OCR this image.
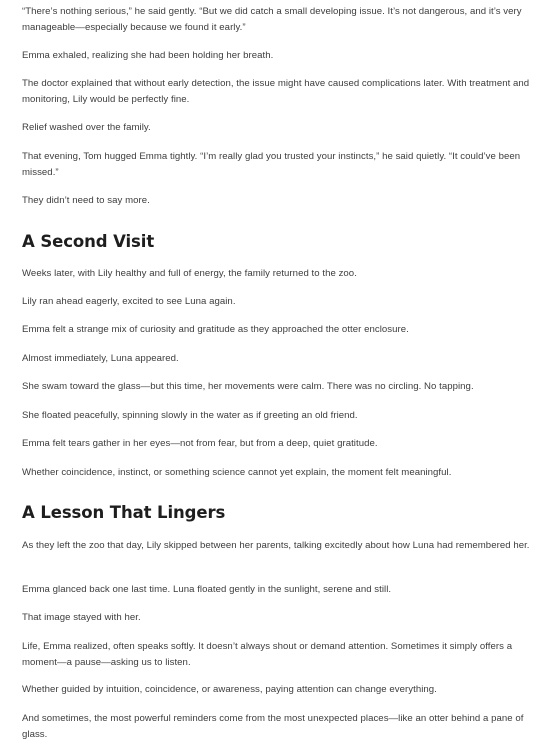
“There’s nothing serious,” he said gently. “But we did catch a small developing issue. It’s not dangerous, and it’s very manageable—especially because we found it early.”

Emma exhaled, realizing she had been holding her breath.

The doctor explained that without early detection, the issue might have caused complications later. With treatment and monitoring, Lily would be perfectly fine.

Relief washed over the family.

That evening, Tom hugged Emma tightly. “I’m really glad you trusted your instincts,” he said quietly. “It could’ve been missed.”

They didn’t need to say more.

A Second Visit

Weeks later, with Lily healthy and full of energy, the family returned to the zoo.

Lily ran ahead eagerly, excited to see Luna again.

Emma felt a strange mix of curiosity and gratitude as they approached the otter enclosure.

Almost immediately, Luna appeared.

She swam toward the glass—but this time, her movements were calm. There was no circling. No tapping.

She floated peacefully, spinning slowly in the water as if greeting an old friend.

Emma felt tears gather in her eyes—not from fear, but from a deep, quiet gratitude.

Whether coincidence, instinct, or something science cannot yet explain, the moment felt meaningful.

A Lesson That Lingers

As they left the zoo that day, Lily skipped between her parents, talking excitedly about how Luna had remembered her.

Emma glanced back one last time. Luna floated gently in the sunlight, serene and still.

That image stayed with her.

Life, Emma realized, often speaks softly. It doesn’t always shout or demand attention. Sometimes it simply offers a moment—a pause—asking us to listen.

Whether guided by intuition, coincidence, or awareness, paying attention can change everything.

And sometimes, the most powerful reminders come from the most unexpected places—like an otter behind a pane of glass.
